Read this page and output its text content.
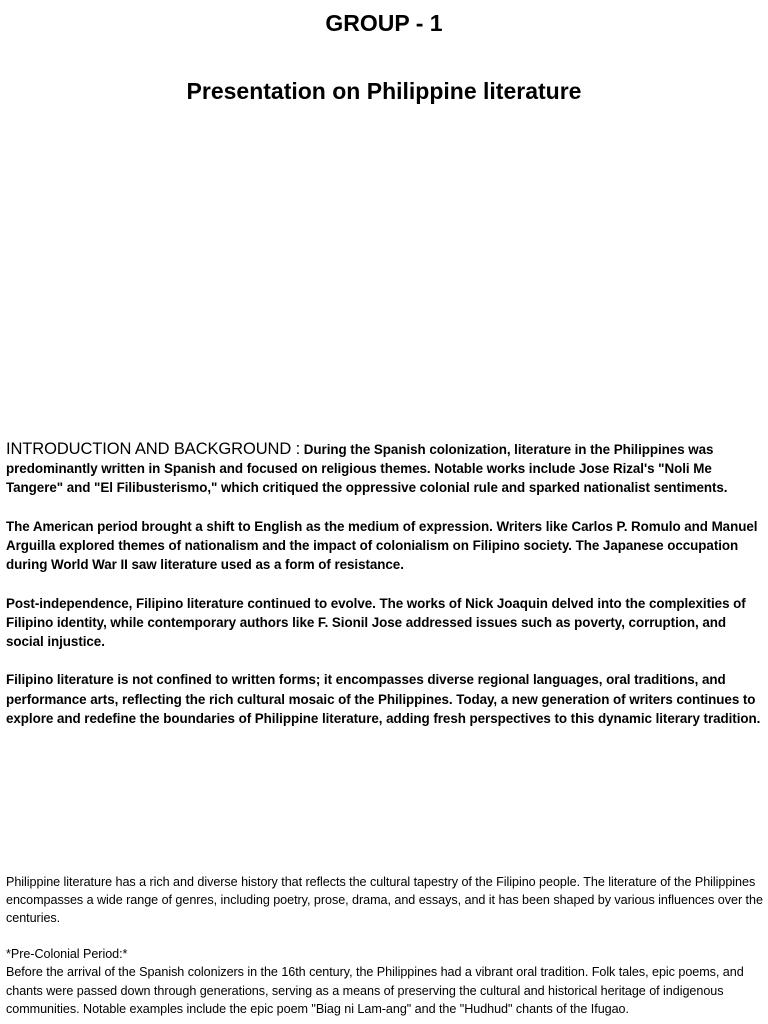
GROUP - 1
Presentation on Philippine literature

INTRODUCTION AND BACKGROUND : During the Spanish colonization, literature in the Philippines was predominantly written in Spanish and focused on religious themes. Notable works include Jose Rizal's "Noli Me Tangere" and "El Filibusterismo," which critiqued the oppressive colonial rule and sparked nationalist sentiments.

The American period brought a shift to English as the medium of expression. Writers like Carlos P. Romulo and Manuel Arguilla explored themes of nationalism and the impact of colonialism on Filipino society. The Japanese occupation during World War II saw literature used as a form of resistance.

Post-independence, Filipino literature continued to evolve. The works of Nick Joaquin delved into the complexities of Filipino identity, while contemporary authors like F. Sionil Jose addressed issues such as poverty, corruption, and social injustice.

Filipino literature is not confined to written forms; it encompasses diverse regional languages, oral traditions, and performance arts, reflecting the rich cultural mosaic of the Philippines. Today, a new generation of writers continues to explore and redefine the boundaries of Philippine literature, adding fresh perspectives to this dynamic literary tradition.

Philippine literature has a rich and diverse history that reflects the cultural tapestry of the Filipino people. The literature of the Philippines encompasses a wide range of genres, including poetry, prose, drama, and essays, and it has been shaped by various influences over the centuries.

*Pre-Colonial Period:*

Before the arrival of the Spanish colonizers in the 16th century, the Philippines had a vibrant oral tradition. Folk tales, epic poems, and chants were passed down through generations, serving as a means of preserving the cultural and historical heritage of indigenous communities. Notable examples include the epic poem "Biag ni Lam-ang" and the "Hudhud" chants of the Ifugao.
